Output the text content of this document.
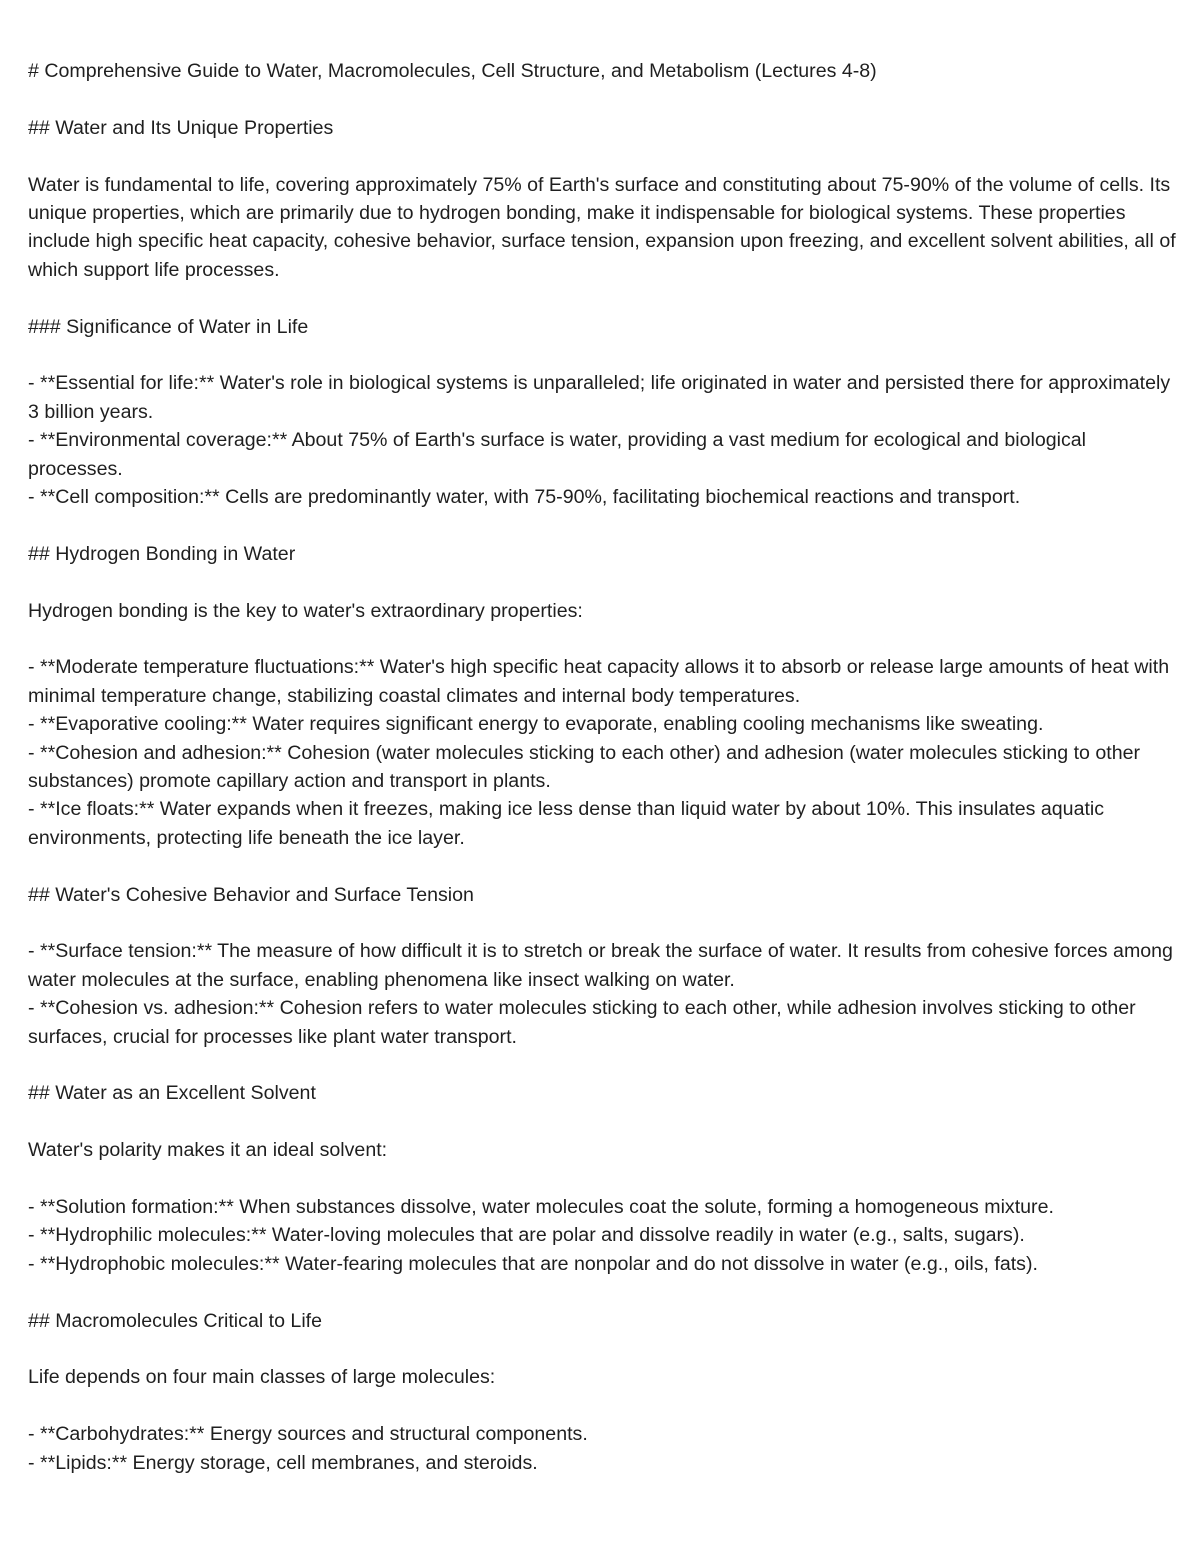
# Comprehensive Guide to Water, Macromolecules, Cell Structure, and Metabolism (Lectures 4-8)

## Water and Its Unique Properties

Water is fundamental to life, covering approximately 75% of Earth's surface and constituting about 75-90% of the volume of cells. Its unique properties, which are primarily due to hydrogen bonding, make it indispensable for biological systems. These properties include high specific heat capacity, cohesive behavior, surface tension, expansion upon freezing, and excellent solvent abilities, all of which support life processes.

### Significance of Water in Life

- **Essential for life:** Water's role in biological systems is unparalleled; life originated in water and persisted there for approximately 3 billion years.

- **Environmental coverage:** About 75% of Earth's surface is water, providing a vast medium for ecological and biological processes.

- **Cell composition:** Cells are predominantly water, with 75-90%, facilitating biochemical reactions and transport.

## Hydrogen Bonding in Water

Hydrogen bonding is the key to water's extraordinary properties:

- **Moderate temperature fluctuations:** Water's high specific heat capacity allows it to absorb or release large amounts of heat with minimal temperature change, stabilizing coastal climates and internal body temperatures.

- **Evaporative cooling:** Water requires significant energy to evaporate, enabling cooling mechanisms like sweating.

- **Cohesion and adhesion:** Cohesion (water molecules sticking to each other) and adhesion (water molecules sticking to other substances) promote capillary action and transport in plants.

- **Ice floats:** Water expands when it freezes, making ice less dense than liquid water by about 10%. This insulates aquatic environments, protecting life beneath the ice layer.

## Water's Cohesive Behavior and Surface Tension

- **Surface tension:** The measure of how difficult it is to stretch or break the surface of water. It results from cohesive forces among water molecules at the surface, enabling phenomena like insect walking on water.

- **Cohesion vs. adhesion:** Cohesion refers to water molecules sticking to each other, while adhesion involves sticking to other surfaces, crucial for processes like plant water transport.

## Water as an Excellent Solvent

Water's polarity makes it an ideal solvent:

- **Solution formation:** When substances dissolve, water molecules coat the solute, forming a homogeneous mixture.

- **Hydrophilic molecules:** Water-loving molecules that are polar and dissolve readily in water (e.g., salts, sugars).

- **Hydrophobic molecules:** Water-fearing molecules that are nonpolar and do not dissolve in water (e.g., oils, fats).

## Macromolecules Critical to Life

Life depends on four main classes of large molecules:

- **Carbohydrates:** Energy sources and structural components.

- **Lipids:** Energy storage, cell membranes, and steroids.
